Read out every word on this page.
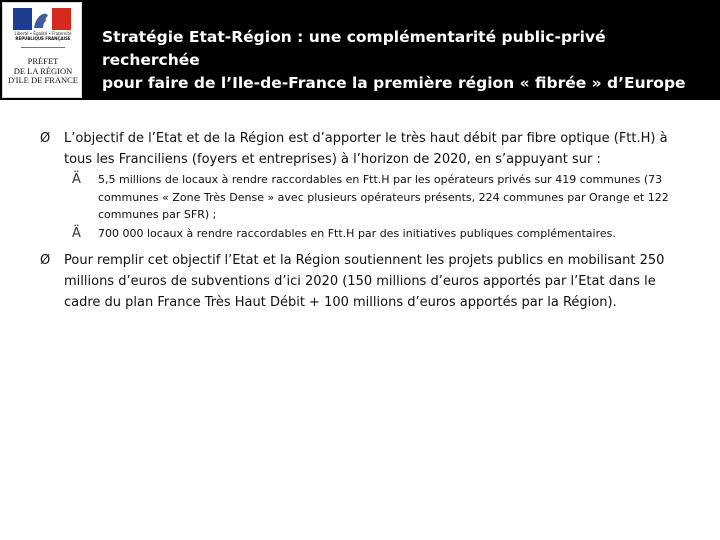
Liberté • Égalité • Fraternité
RÉPUBLIQUE FRANÇAISE
PRÉFET
DE LA RÉGION
D'ILE DE FRANCE
Stratégie Etat-Région : une complémentarité public-privé recherchée
pour faire de l’Ile-de-France la première région « fibrée » d’Europe
Ø L’objectif de l’Etat et de la Région est d’apporter le très haut débit par fibre optique (Ftt.H) à tous les Franciliens (foyers et entreprises) à l’horizon de 2020, en s’appuyant sur :
Ä 5,5 millions de locaux à rendre raccordables en Ftt.H par les opérateurs privés sur 419 communes (73 communes « Zone Très Dense » avec plusieurs opérateurs présents, 224 communes par Orange et 122 communes par SFR) ;
Ä 700 000 locaux à rendre raccordables en Ftt.H par des initiatives publiques complémentaires.
Ø Pour remplir cet objectif l’Etat et la Région soutiennent les projets publics en mobilisant 250 millions d’euros de subventions d’ici 2020 (150 millions d’euros apportés par l’Etat dans le cadre du plan France Très Haut Débit + 100 millions d’euros apportés par la Région).
